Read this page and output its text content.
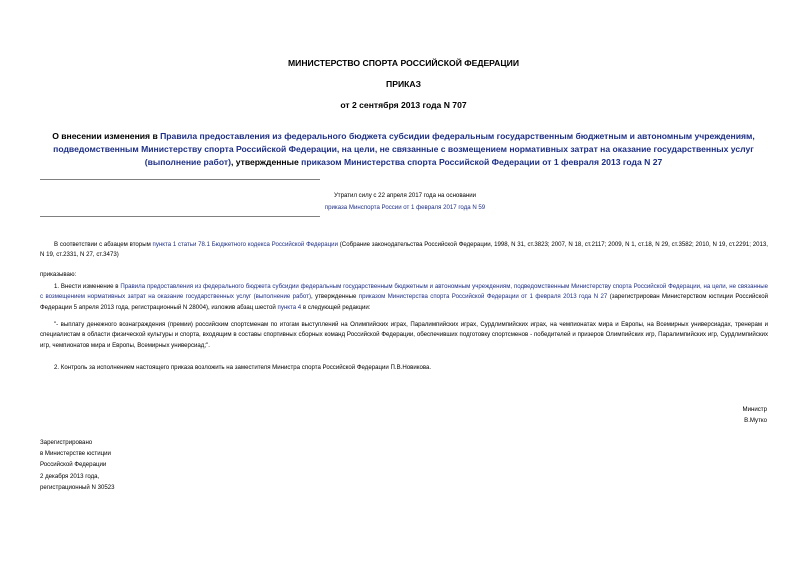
МИНИСТЕРСТВО СПОРТА РОССИЙСКОЙ ФЕДЕРАЦИИ
ПРИКАЗ
от 2 сентября 2013 года N 707
О внесении изменения в Правила предоставления из федерального бюджета субсидии федеральным государственным бюджетным и автономным учреждениям, подведомственным Министерству спорта Российской Федерации, на цели, не связанные с возмещением нормативных затрат на оказание государственных услуг (выполнение работ), утвержденные приказом Министерства спорта Российской Федерации от 1 февраля 2013 года N 27
Утратил силу с 22 апреля 2017 года на основании
приказа Минспорта России от 1 февраля 2017 года N 59
В соответствии с абзацем вторым пункта 1 статьи 78.1 Бюджетного кодекса Российской Федерации (Собрание законодательства Российской Федерации, 1998, N 31, ст.3823; 2007, N 18, ст.2117; 2009, N 1, ст.18, N 29, ст.3582; 2010, N 19, ст.2291; 2013, N 19, ст.2331, N 27, ст.3473)
приказываю:
1. Внести изменение в Правила предоставления из федерального бюджета субсидии федеральным государственным бюджетным и автономным учреждениям, подведомственным Министерству спорта Российской Федерации, на цели, не связанные с возмещением нормативных затрат на оказание государственных услуг (выполнение работ), утвержденные приказом Министерства спорта Российской Федерации от 1 февраля 2013 года N 27 (зарегистрирован Министерством юстиции Российской Федерации 5 апреля 2013 года, регистрационный N 28004), изложив абзац шестой пункта 4 в следующей редакции:
"- выплату денежного вознаграждения (премии) российским спортсменам по итогам выступлений на Олимпийских играх, Паралимпийских играх, Сурдлимпийских играх, на чемпионатах мира и Европы, на Всемирных универсиадах, тренерам и специалистам в области физической культуры и спорта, входящим в составы спортивных сборных команд Российской Федерации, обеспечивших подготовку спортсменов - победителей и призеров Олимпийских игр, Паралимпийских игр, Сурдлимпийских игр, чемпионатов мира и Европы, Всемирных универсиад;".
2. Контроль за исполнением настоящего приказа возложить на заместителя Министра спорта Российской Федерации П.В.Новикова.
Министр
В.Мутко
Зарегистрировано
в Министерстве юстиции
Российской Федерации
2 декабря 2013 года,
регистрационный N 30523
